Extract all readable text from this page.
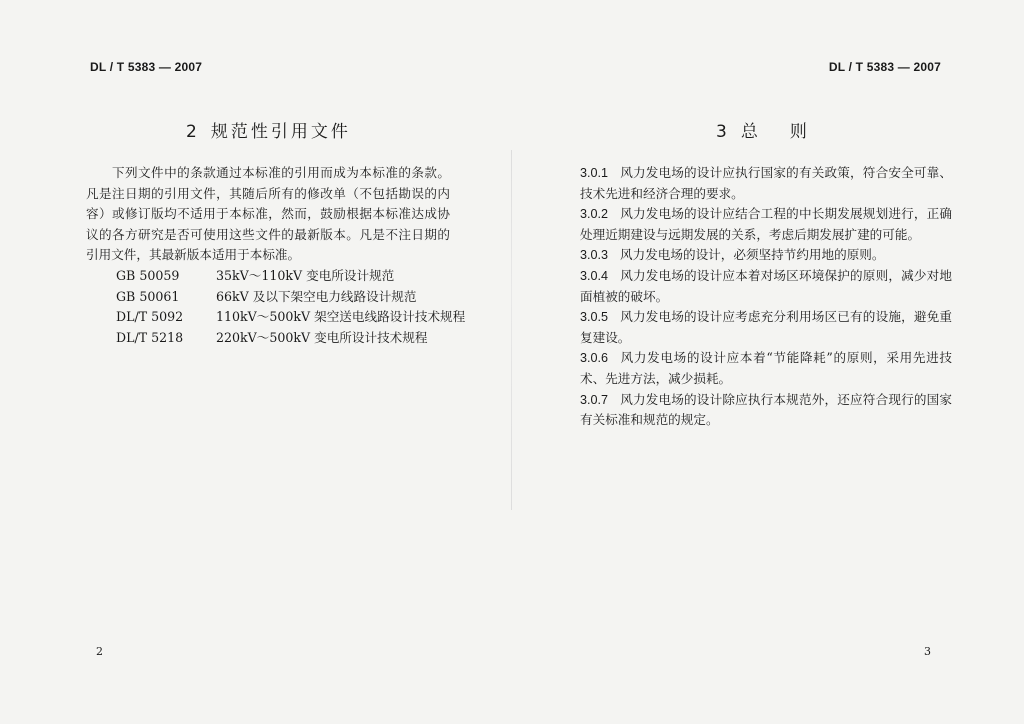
DL / T 5383 — 2007
2 规范性引用文件

下列文件中的条款通过本标准的引用而成为本标准的条款。凡是注日期的引用文件，其随后所有的修改单（不包括勘误的内容）或修订版均不适用于本标准，然而，鼓励根据本标准达成协议的各方研究是否可使用这些文件的最新版本。凡是不注日期的引用文件，其最新版本适用于本标准。

GB 50059	35kV～110kV 变电所设计规范
GB 50061	66kV 及以下架空电力线路设计规范
DL/T 5092	110kV～500kV 架空送电线路设计技术规程
DL/T 5218	220kV～500kV 变电所设计技术规程
2
DL / T 5383 — 2007
3 总 则

3.0.1 风力发电场的设计应执行国家的有关政策，符合安全可靠、技术先进和经济合理的要求。

3.0.2 风力发电场的设计应结合工程的中长期发展规划进行，正确处理近期建设与远期发展的关系，考虑后期发展扩建的可能。

3.0.3 风力发电场的设计，必须坚持节约用地的原则。

3.0.4 风力发电场的设计应本着对场区环境保护的原则，减少对地面植被的破坏。

3.0.5 风力发电场的设计应考虑充分利用场区已有的设施，避免重复建设。

3.0.6 风力发电场的设计应本着“节能降耗”的原则，采用先进技术、先进方法，减少损耗。

3.0.7 风力发电场的设计除应执行本规范外，还应符合现行的国家有关标准和规范的规定。

3
